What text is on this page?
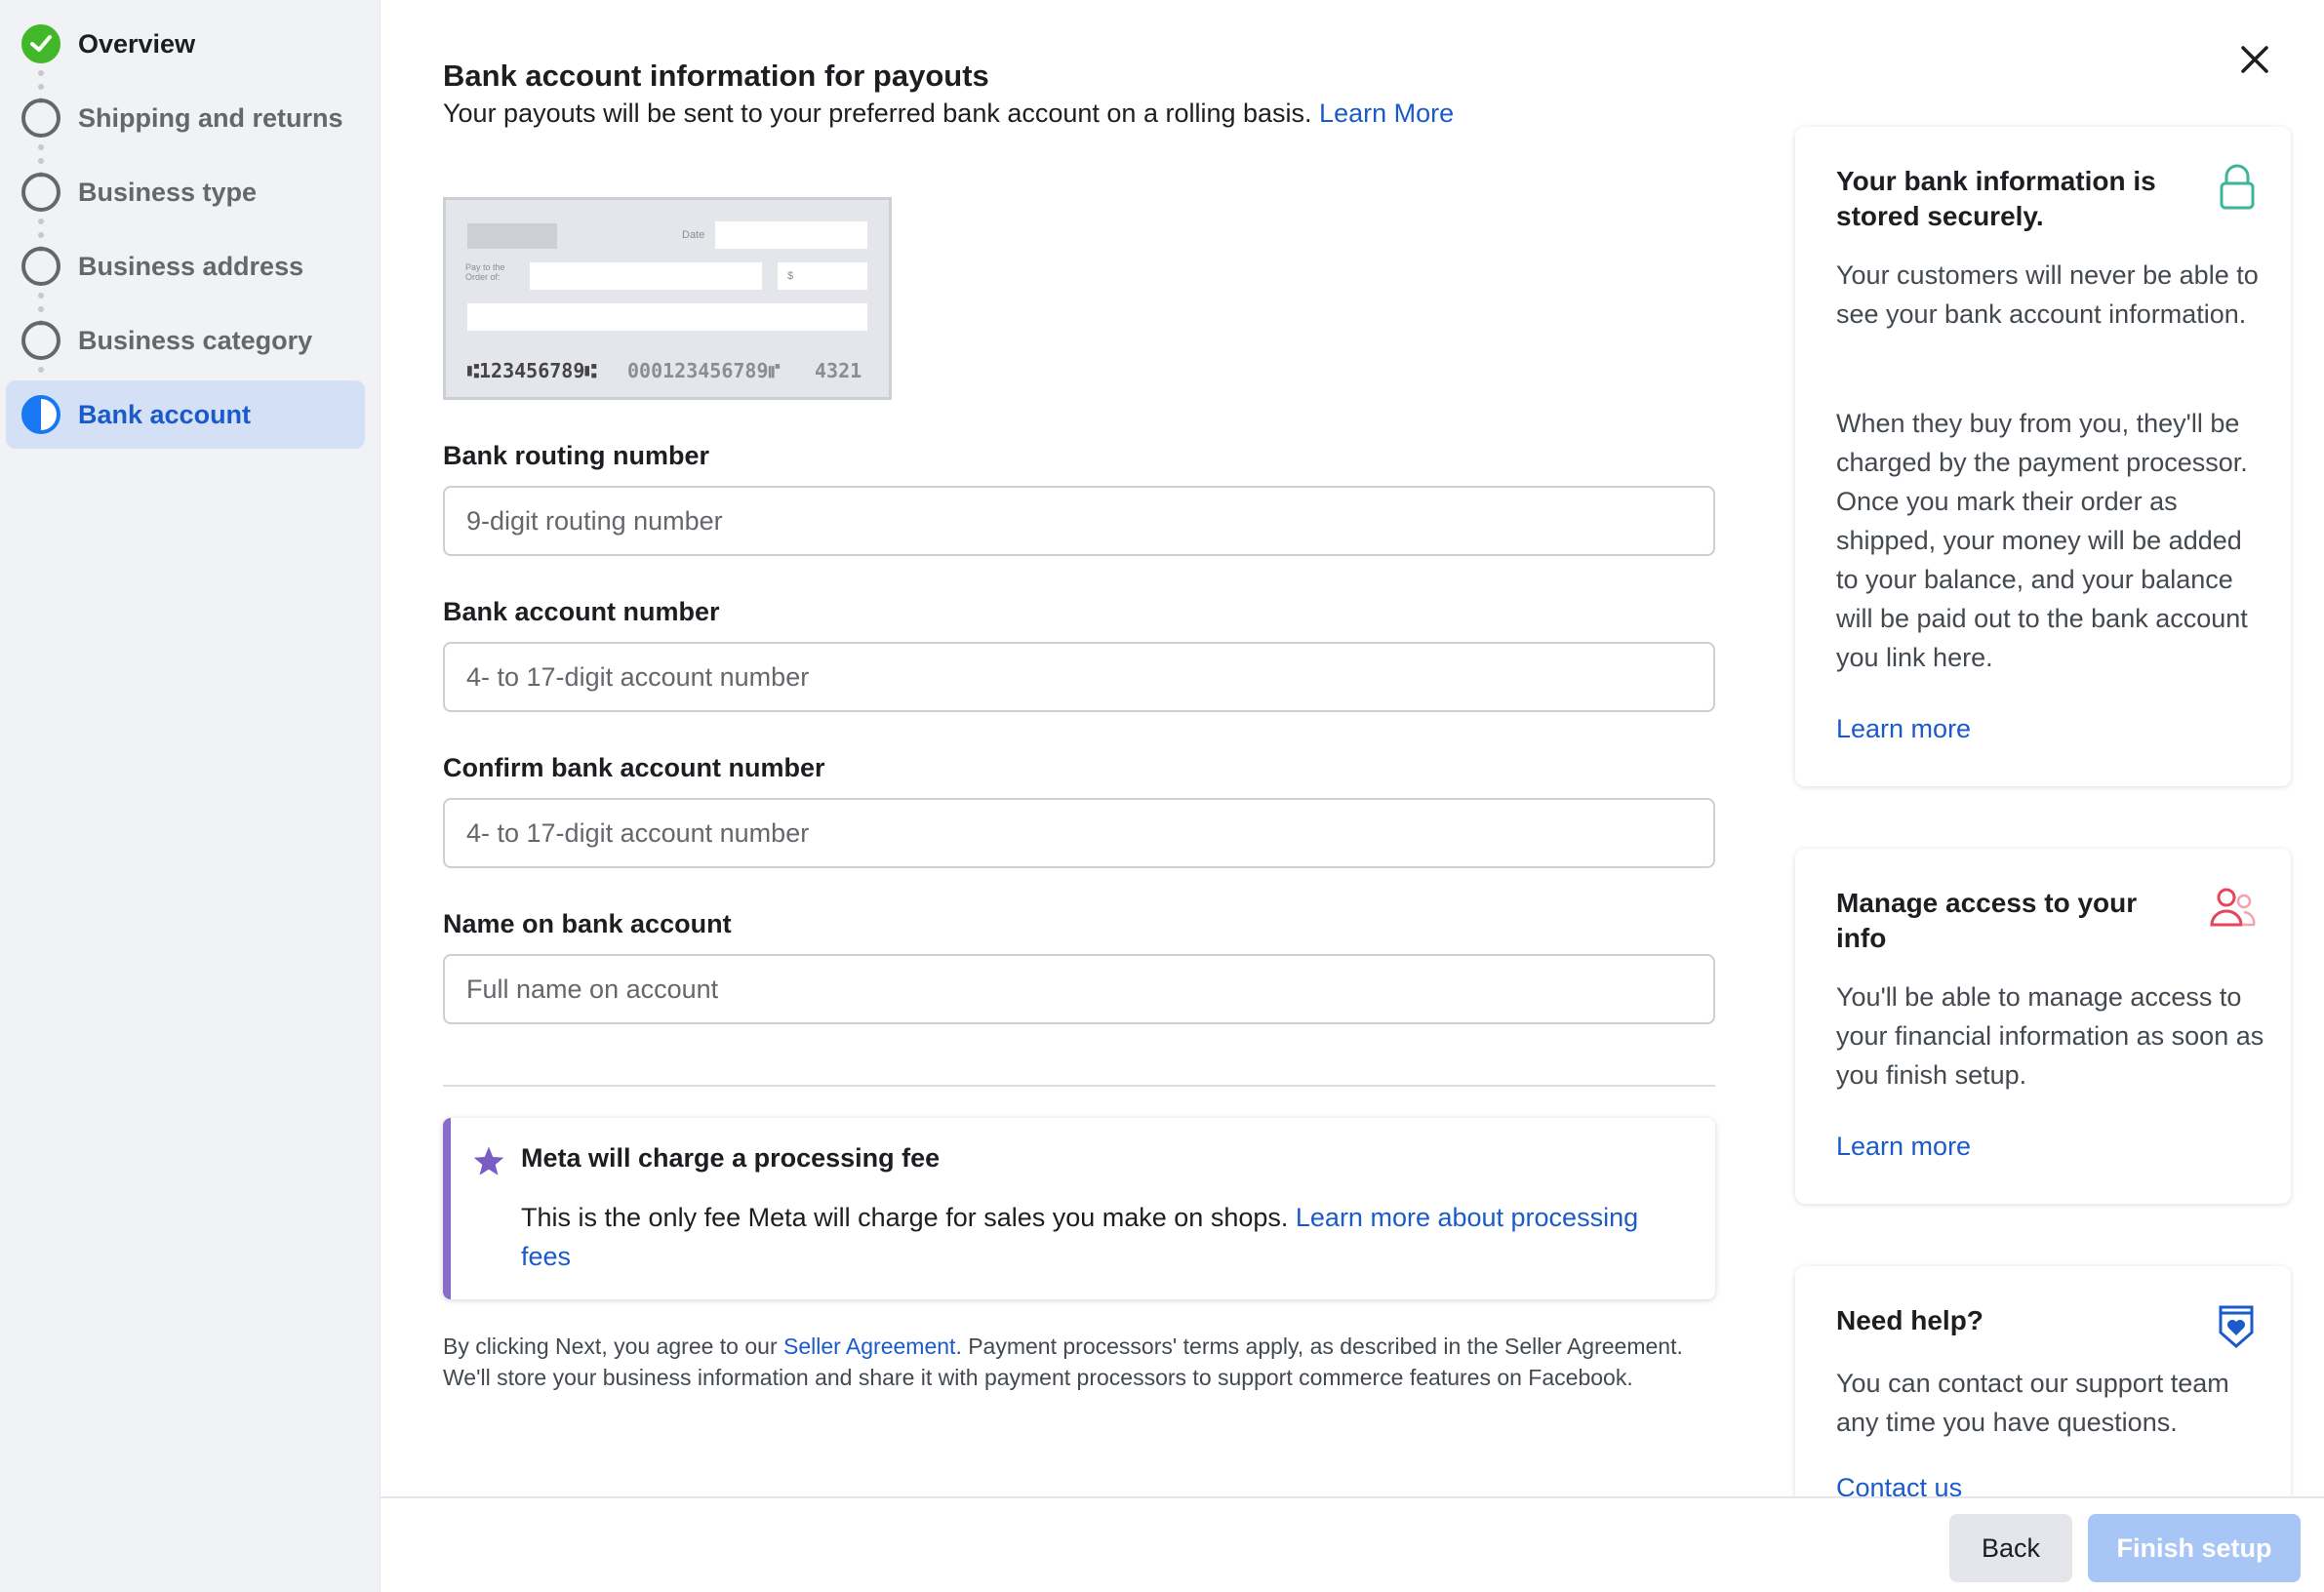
Overview
Shipping and returns
Business type
Business address
Business category
Bank account
Bank account information for payouts
Your payouts will be sent to your preferred bank account on a rolling basis. Learn More
Date
Pay to the
Order of:	$
⑆123456789⑆ 000123456789⑈ 4321
Bank routing number
9-digit routing number
Bank account number
4- to 17-digit account number
Confirm bank account number
4- to 17-digit account number
Name on bank account
Full name on account
Meta will charge a processing fee
This is the only fee Meta will charge for sales you make on shops. Learn more about processing fees
By clicking Next, you agree to our Seller Agreement. Payment processors' terms apply, as described in the Seller Agreement. We'll store your business information and share it with payment processors to support commerce features on Facebook.
Your bank information is stored securely.
Your customers will never be able to see your bank account information.
When they buy from you, they'll be charged by the payment processor. Once you mark their order as shipped, your money will be added to your balance, and your balance will be paid out to the bank account you link here.
Learn more
Manage access to your info
You'll be able to manage access to your financial information as soon as you finish setup.
Learn more
Need help?
You can contact our support team any time you have questions.
Contact us
Back	Finish setup
